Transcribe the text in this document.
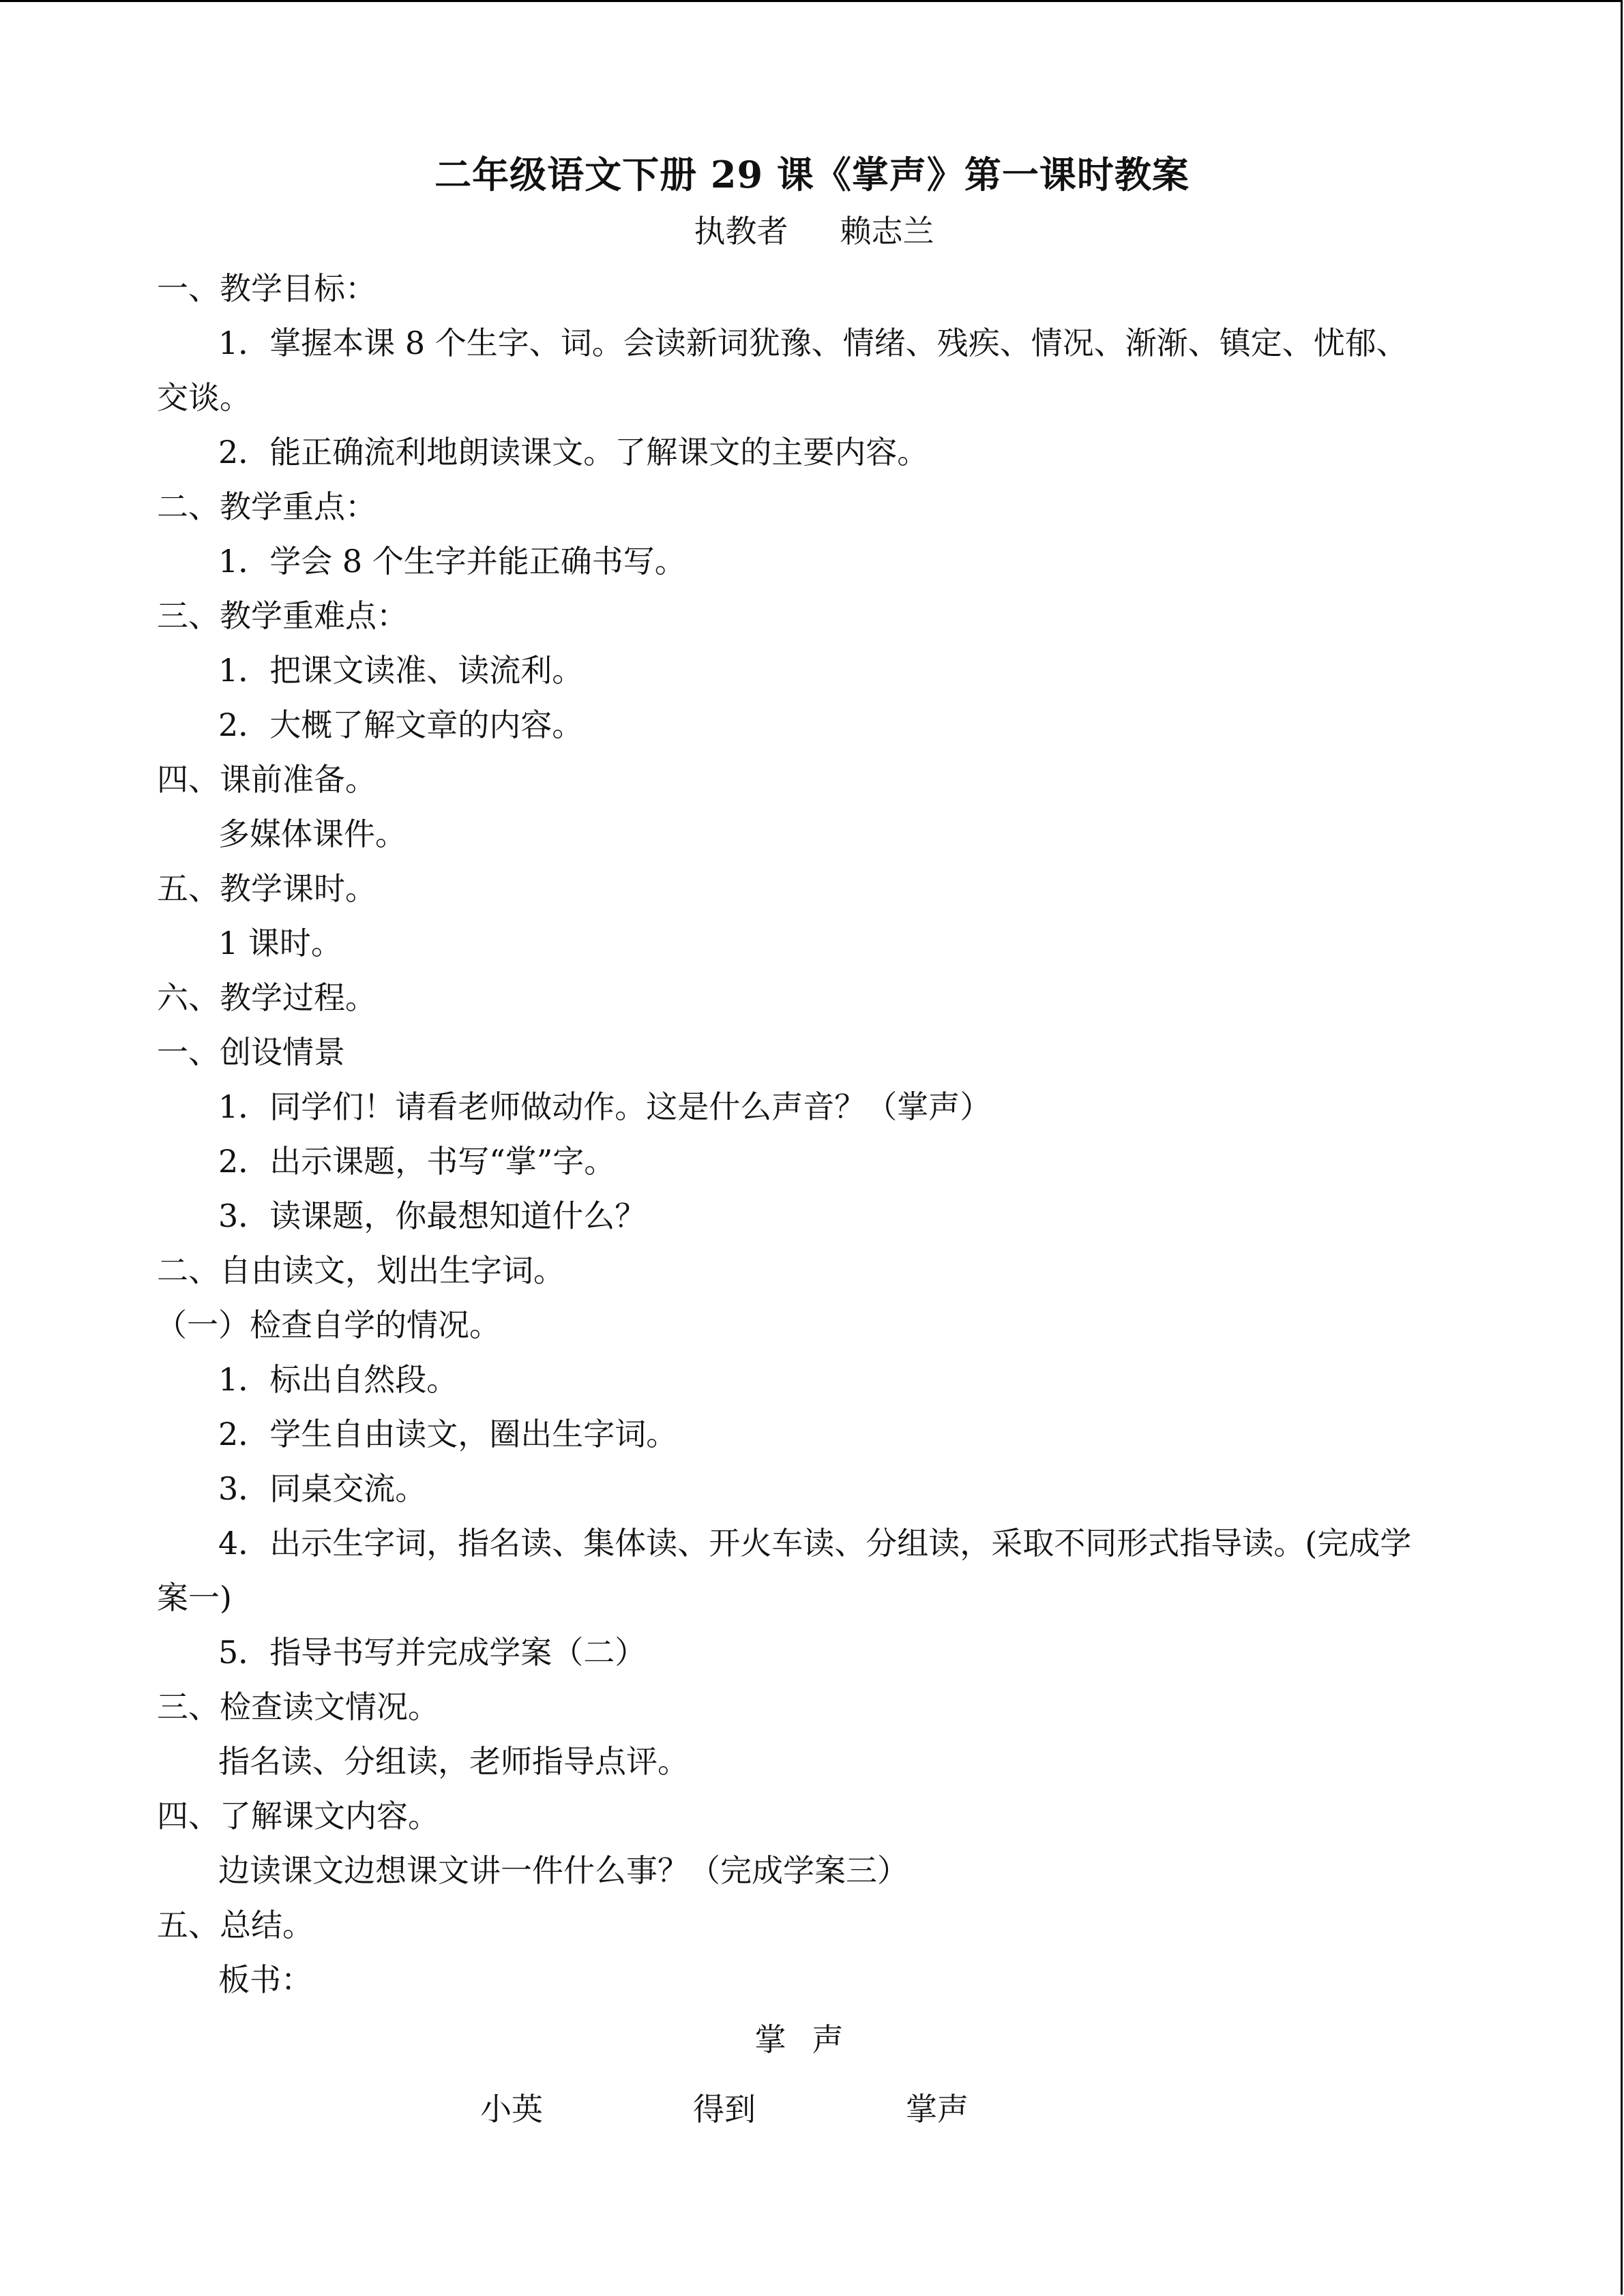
二年级语文下册 29 课《掌声》第一课时教案
执教者 赖志兰
一、教学目标：
1．掌握本课 8 个生字、词。会读新词犹豫、情绪、残疾、情况、渐渐、镇定、忧郁、
交谈。
2．能正确流利地朗读课文。了解课文的主要内容。
二、教学重点：
1．学会 8 个生字并能正确书写。
三、教学重难点：
1．把课文读准、读流利。
2．大概了解文章的内容。
四、课前准备。
多媒体课件。
五、教学课时。
1 课时。
六、教学过程。
一、创设情景
1．同学们！请看老师做动作。这是什么声音？（掌声）
2．出示课题，书写“掌”字。
3．读课题，你最想知道什么？
二、自由读文，划出生字词。
（一）检查自学的情况。
1．标出自然段。
2．学生自由读文，圈出生字词。
3．同桌交流。
4．出示生字词，指名读、集体读、开火车读、分组读，采取不同形式指导读。(完成学
案一)
5．指导书写并完成学案（二）
三、检查读文情况。
指名读、分组读，老师指导点评。
四、了解课文内容。
边读课文边想课文讲一件什么事？（完成学案三）
五、总结。
板书：
掌声
小英	得到	掌声
